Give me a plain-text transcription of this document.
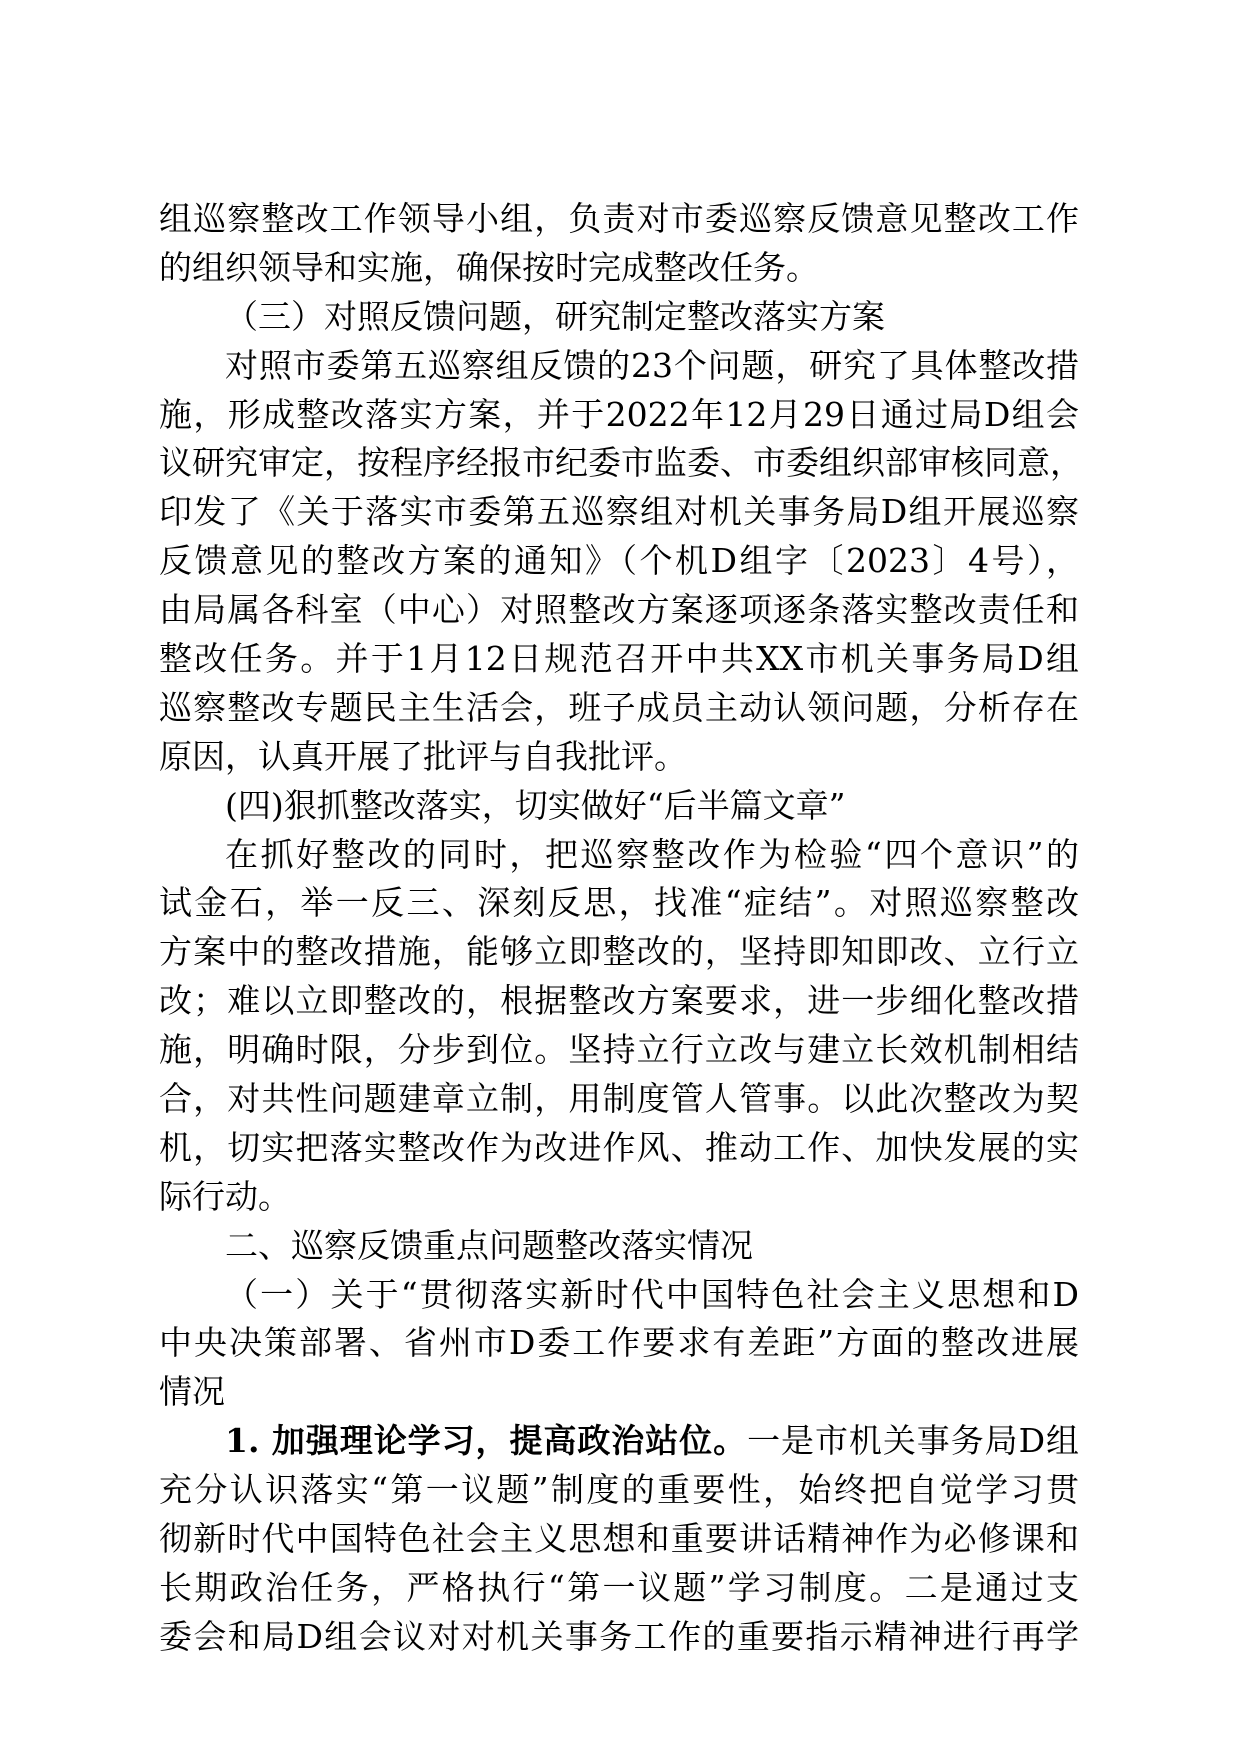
组巡察整改工作领导小组，负责对市委巡察反馈意见整改工作
的组织领导和实施，确保按时完成整改任务。
（三）对照反馈问题，研究制定整改落实方案
对照市委第五巡察组反馈的23个问题，研究了具体整改措
施，形成整改落实方案，并于2022年12月29日通过局D组会
议研究审定，按程序经报市纪委市监委、市委组织部审核同意，
印发了《关于落实市委第五巡察组对机关事务局D组开展巡察
反馈意见的整改方案的通知》（个机D组字〔2023〕4号），
由局属各科室（中心）对照整改方案逐项逐条落实整改责任和
整改任务。并于1月12日规范召开中共XX市机关事务局D组
巡察整改专题民主生活会，班子成员主动认领问题，分析存在
原因，认真开展了批评与自我批评。
(四)狠抓整改落实，切实做好“后半篇文章”
在抓好整改的同时，把巡察整改作为检验“四个意识”的
试金石，举一反三、深刻反思，找准“症结”。对照巡察整改
方案中的整改措施，能够立即整改的，坚持即知即改、立行立
改；难以立即整改的，根据整改方案要求，进一步细化整改措
施，明确时限，分步到位。坚持立行立改与建立长效机制相结
合，对共性问题建章立制，用制度管人管事。以此次整改为契
机，切实把落实整改作为改进作风、推动工作、加快发展的实
际行动。
二、巡察反馈重点问题整改落实情况
（一）关于“贯彻落实新时代中国特色社会主义思想和D
中央决策部署、省州市D委工作要求有差距”方面的整改进展
情况
1. 加强理论学习，提高政治站位。一是市机关事务局D组
充分认识落实“第一议题”制度的重要性，始终把自觉学习贯
彻新时代中国特色社会主义思想和重要讲话精神作为必修课和
长期政治任务，严格执行“第一议题”学习制度。二是通过支
委会和局D组会议对对机关事务工作的重要指示精神进行再学
